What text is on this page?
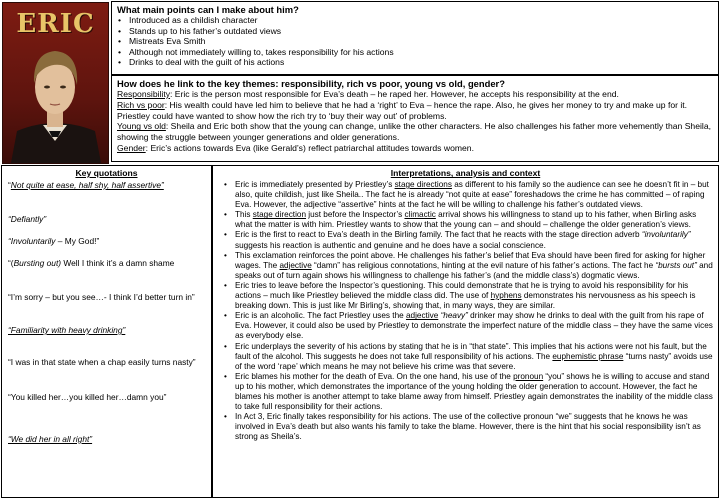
ERIC	What main points can I make about him?
• Introduced as a childish character
• Stands up to his father’s outdated views
• Mistreats Eva Smith
• Although not immediately willing to, takes responsibility for his actions
• Drinks to deal with the guilt of his actions
How does he link to the key themes: responsibility, rich vs poor, young vs old, gender?

Responsibility: Eric is the person most responsible for Eva’s death – he raped her. However, he accepts his responsibility at the end.

Rich vs poor: His wealth could have led him to believe that he had a ‘right’ to Eva – hence the rape. Also, he gives her money to try and make up for it. Priestley could have wanted to show how the rich try to ‘buy their way out’ of problems.

Young vs old: Sheila and Eric both show that the young can change, unlike the other characters. He also challenges his father more vehemently than Sheila, showing the struggle between younger generations and older generations.

Gender: Eric’s actions towards Eva (like Gerald’s) reflect patriarchal attitudes towards women.

Key quotations
“Not quite at ease, half shy, half assertive”
“Defiantly”
“Involuntarily – My God!”
“(Bursting out) Well I think it’s a damn shame
“I’m sorry – but you see…- I think I’d better turn in”
“Familiarity with heavy drinking”
“I was in that state when a chap easily turns nasty”
“You killed her…you killed her…damn you”
“We did her in all right”
Interpretations, analysis and context
• Eric is immediately presented by Priestley’s stage directions as different to his family so the audience can see he doesn’t fit in – but also, quite childish, just like Sheila.. The fact he is already “not quite at ease” foreshadows the crime he has committed – of raping Eva. However, the adjective “assertive” hints at the fact he will be willing to challenge his father’s outdated views.
• This stage direction just before the Inspector’s climactic arrival shows his willingness to stand up to his father, when Birling asks what the matter is with him. Priestley wants to show that the young can – and should – challenge the older generation’s views.
• Eric is the first to react to Eva’s death in the Birling family. The fact that he reacts with the stage direction adverb “involuntarily” suggests his reaction is authentic and genuine and he does have a social conscience.
• This exclamation reinforces the point above. He challenges his father’s belief that Eva should have been fired for asking for higher wages. The adjective “damn” has religious connotations, hinting at the evil nature of his father’s actions. The fact he “bursts out” and speaks out of turn again shows his willingness to challenge his father’s (and the middle class’s) dogmatic views.
• Eric tries to leave before the Inspector’s questioning. This could demonstrate that he is trying to avoid his responsibility for his actions – much like Priestley believed the middle class did. The use of hyphens demonstrates his nervousness as his speech is breaking down. This is just like Mr Birling’s, showing that, in many ways, they are similar.
• Eric is an alcoholic. The fact Priestley uses the adjective “heavy” drinker may show he drinks to deal with the guilt from his rape of Eva. However, it could also be used by Priestley to demonstrate the imperfect nature of the middle class – they have the same vices as everybody else.
• Eric underplays the severity of his actions by stating that he is in “that state”. This implies that his actions were not his fault, but the fault of the alcohol. This suggests he does not take full responsibility of his actions. The euphemistic phrase “turns nasty” avoids use of the word ‘rape’ which means he may not believe his crime was that severe.
• Eric blames his mother for the death of Eva. On the one hand, his use of the pronoun “you” shows he is willing to accuse and stand up to his mother, which demonstrates the importance of the young holding the older generation to account. However, the fact he blames his mother is another attempt to take blame away from himself. Priestley again demonstrates the inability of the middle class to take full responsibility for their actions.
• In Act 3, Eric finally takes responsibility for his actions. The use of the collective pronoun “we” suggests that he knows he was involved in Eva’s death but also wants his family to take the blame. However, there is the hint that his social responsibility isn’t as strong as Sheila’s.
